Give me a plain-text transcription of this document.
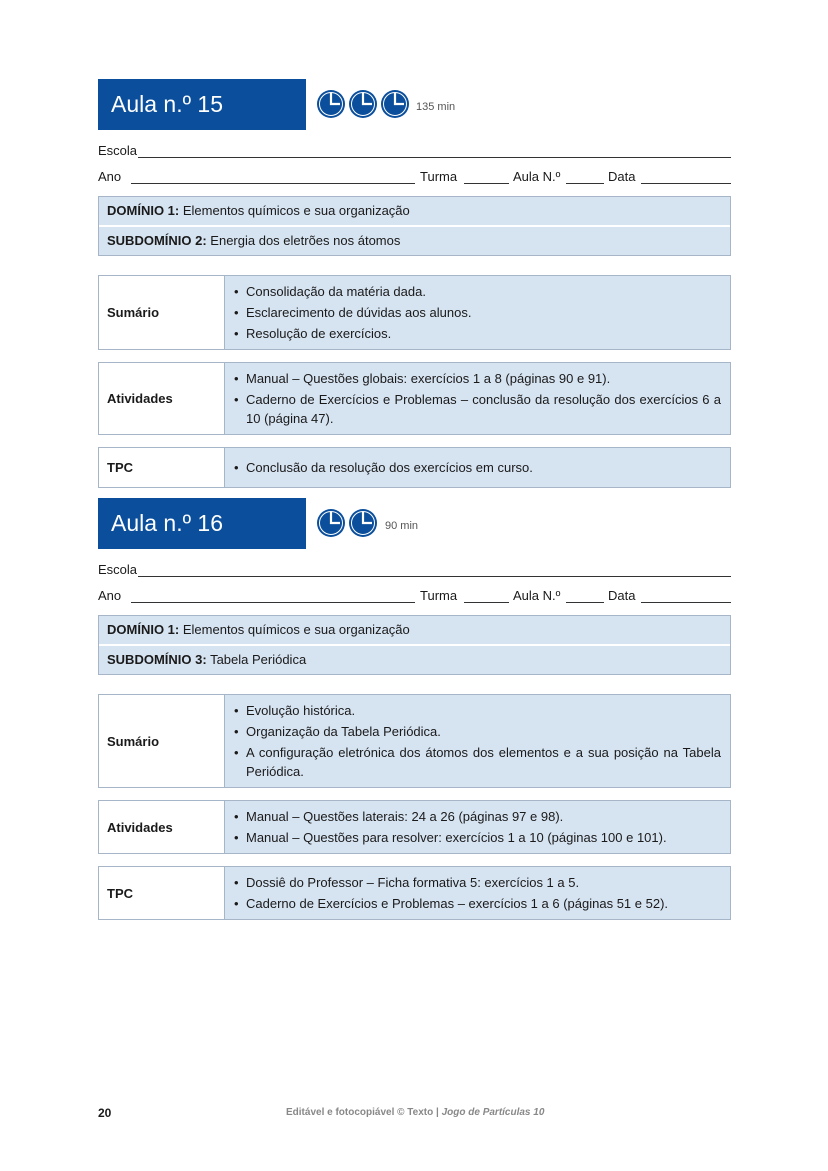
Aula n.º 15	135 min
Escola
Ano	Turma	Aula N.º	Data
DOMÍNIO 1: Elementos químicos e sua organização
SUBDOMÍNIO 2: Energia dos eletrões nos átomos
Sumário
• Consolidação da matéria dada.
• Esclarecimento de dúvidas aos alunos.
• Resolução de exercícios.
Atividades
• Manual – Questões globais: exercícios 1 a 8 (páginas 90 e 91).
• Caderno de Exercícios e Problemas – conclusão da resolução dos exercícios 6 a 10 (página 47).
TPC
•	Conclusão da resolução dos exercícios em curso.
Aula n.º 16	90 min
Escola
Ano	Turma	Aula N.º	Data
DOMÍNIO 1: Elementos químicos e sua organização
SUBDOMÍNIO 3: Tabela Periódica
Sumário
• Evolução histórica.
• Organização da Tabela Periódica.
• A configuração eletrónica dos átomos dos elementos e a sua posição na Tabela Periódica.
Atividades
• Manual – Questões laterais: 24 a 26 (páginas 97 e 98).
• Manual – Questões para resolver: exercícios 1 a 10 (páginas 100 e 101).
TPC
• Dossiê do Professor – Ficha formativa 5: exercícios 1 a 5.
• Caderno de Exercícios e Problemas – exercícios 1 a 6 (páginas 51 e 52).
20	Editável e fotocopiável © Texto | Jogo de Partículas 10
